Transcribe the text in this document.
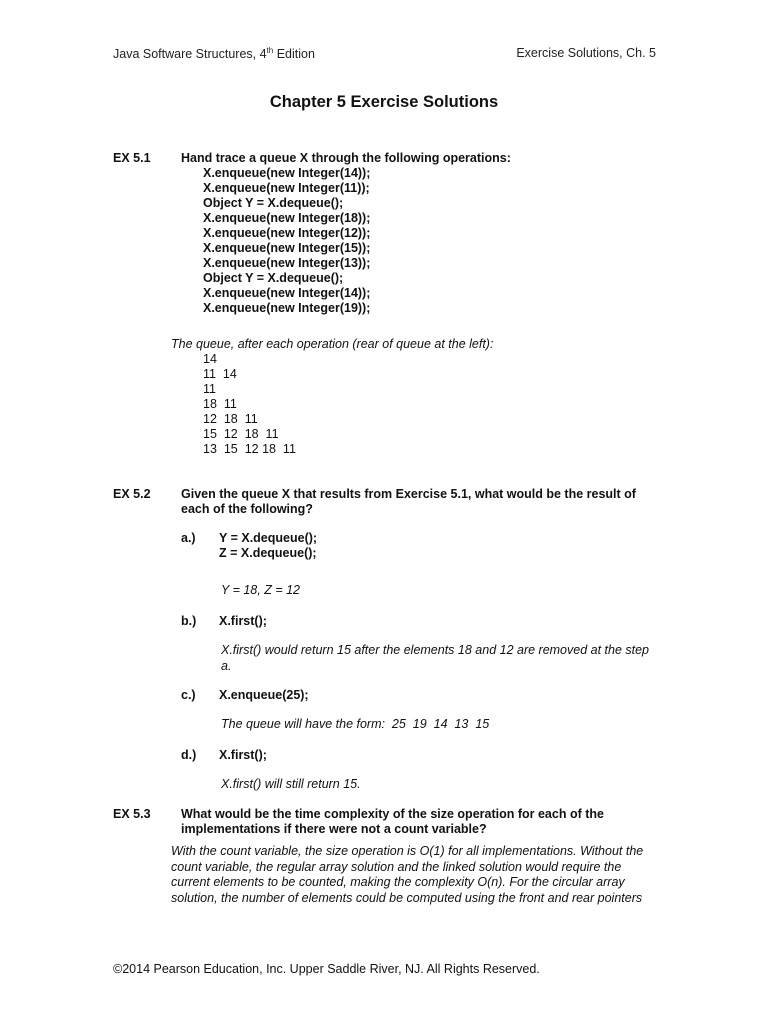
Java Software Structures, 4th Edition	Exercise Solutions, Ch. 5
Chapter 5 Exercise Solutions
EX 5.1 Hand trace a queue X through the following operations:
X.enqueue(new Integer(14));
X.enqueue(new Integer(11));
Object Y = X.dequeue();
X.enqueue(new Integer(18));
X.enqueue(new Integer(12));
X.enqueue(new Integer(15));
X.enqueue(new Integer(13));
Object Y = X.dequeue();
X.enqueue(new Integer(14));
X.enqueue(new Integer(19));
The queue, after each operation (rear of queue at the left):
14
11  14
11
18  11
12  18  11
15  12  18  11
13  15  12 18  11
EX 5.2 Given the queue X that results from Exercise 5.1, what would be the result of
each of the following?
a.) Y = X.dequeue();
Z = X.dequeue();
Y = 18, Z = 12
b.) X.first();
X.first() would return 15 after the elements 18 and 12 are removed at the step
a.
c.) X.enqueue(25);
The queue will have the form:  25  19  14  13  15
d.) X.first();
X.first() will still return 15.
EX 5.3 What would be the time complexity of the size operation for each of the
implementations if there were not a count variable?
With the count variable, the size operation is O(1) for all implementations. Without the
count variable, the regular array solution and the linked solution would require the
current elements to be counted, making the complexity O(n). For the circular array
solution, the number of elements could be computed using the front and rear pointers
©2014 Pearson Education, Inc. Upper Saddle River, NJ. All Rights Reserved.
